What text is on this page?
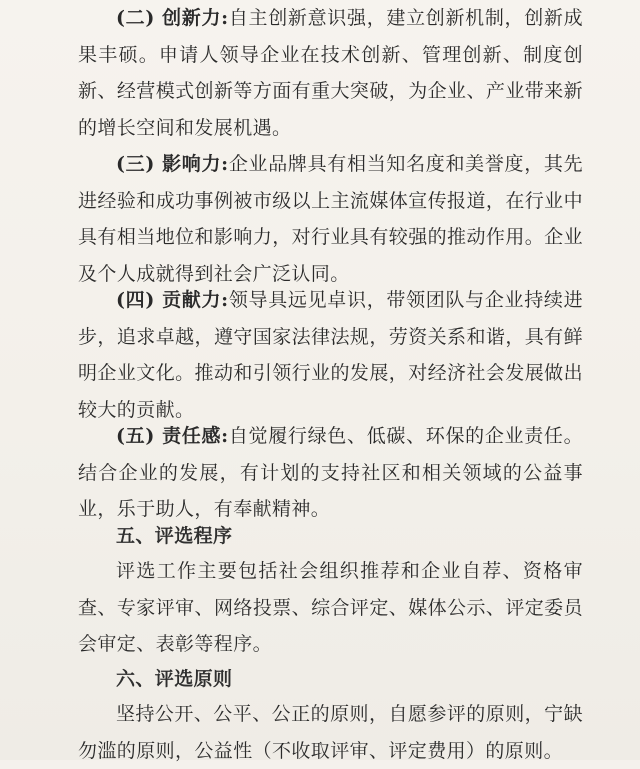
(二) 创新力:自主创新意识强，建立创新机制，创新成果丰硕。申请人领导企业在技术创新、管理创新、制度创新、经营模式创新等方面有重大突破，为企业、产业带来新的增长空间和发展机遇。

(三) 影响力:企业品牌具有相当知名度和美誉度，其先进经验和成功事例被市级以上主流媒体宣传报道，在行业中具有相当地位和影响力，对行业具有较强的推动作用。企业及个人成就得到社会广泛认同。

(四) 贡献力:领导具远见卓识，带领团队与企业持续进步，追求卓越，遵守国家法律法规，劳资关系和谐，具有鲜明企业文化。推动和引领行业的发展，对经济社会发展做出较大的贡献。

(五) 责任感:自觉履行绿色、低碳、环保的企业责任。结合企业的发展，有计划的支持社区和相关领域的公益事业，乐于助人，有奉献精神。

五、评选程序

评选工作主要包括社会组织推荐和企业自荐、资格审查、专家评审、网络投票、综合评定、媒体公示、评定委员会审定、表彰等程序。

六、评选原则

坚持公开、公平、公正的原则，自愿参评的原则，宁缺勿滥的原则，公益性（不收取评审、评定费用）的原则。
